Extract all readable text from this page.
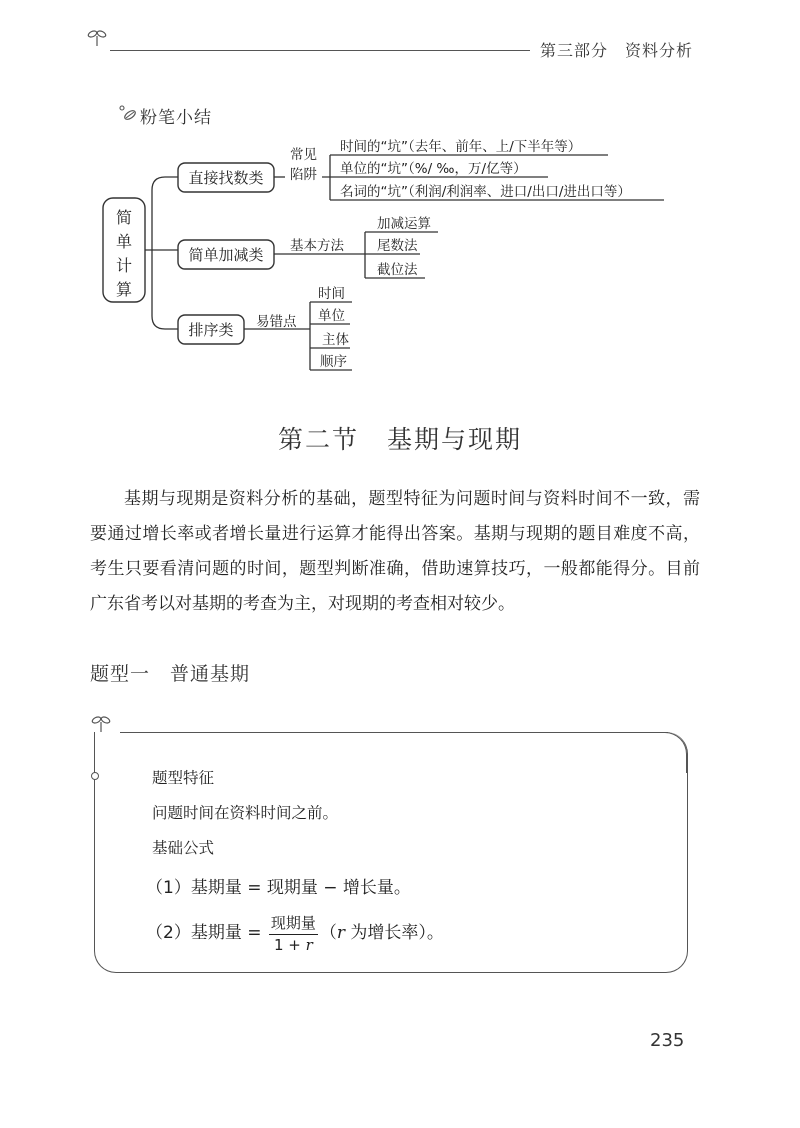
第三部分　资料分析
粉笔小结
简
单
计
算
直接找数类
常见
陷阱
时间的“坑”（去年、前年、上/下半年等）
单位的“坑”（%/ ‰，万/亿等）
名词的“坑”（利润/利润率、进口/出口/进出口等）
简单加减类 基本方法
加减运算
尾数法
截位法
排序类 易错点
时间
单位
主体
顺序
第二节 基期与现期
基期与现期是资料分析的基础，题型特征为问题时间与资料时间不一致，需要通过增长率或者增长量进行运算才能得出答案。基期与现期的题目难度不高，考生只要看清问题的时间，题型判断准确，借助速算技巧，一般都能得分。目前广东省考以对基期的考查为主，对现期的考查相对较少。
题型一 普通基期
题型特征
问题时间在资料时间之前。
基础公式
（1）基期量 = 现期量 − 增长量。
（2）基期量 = $\frac{\text{现期量}}{1 + r} (r$ 为增长率）。
235
